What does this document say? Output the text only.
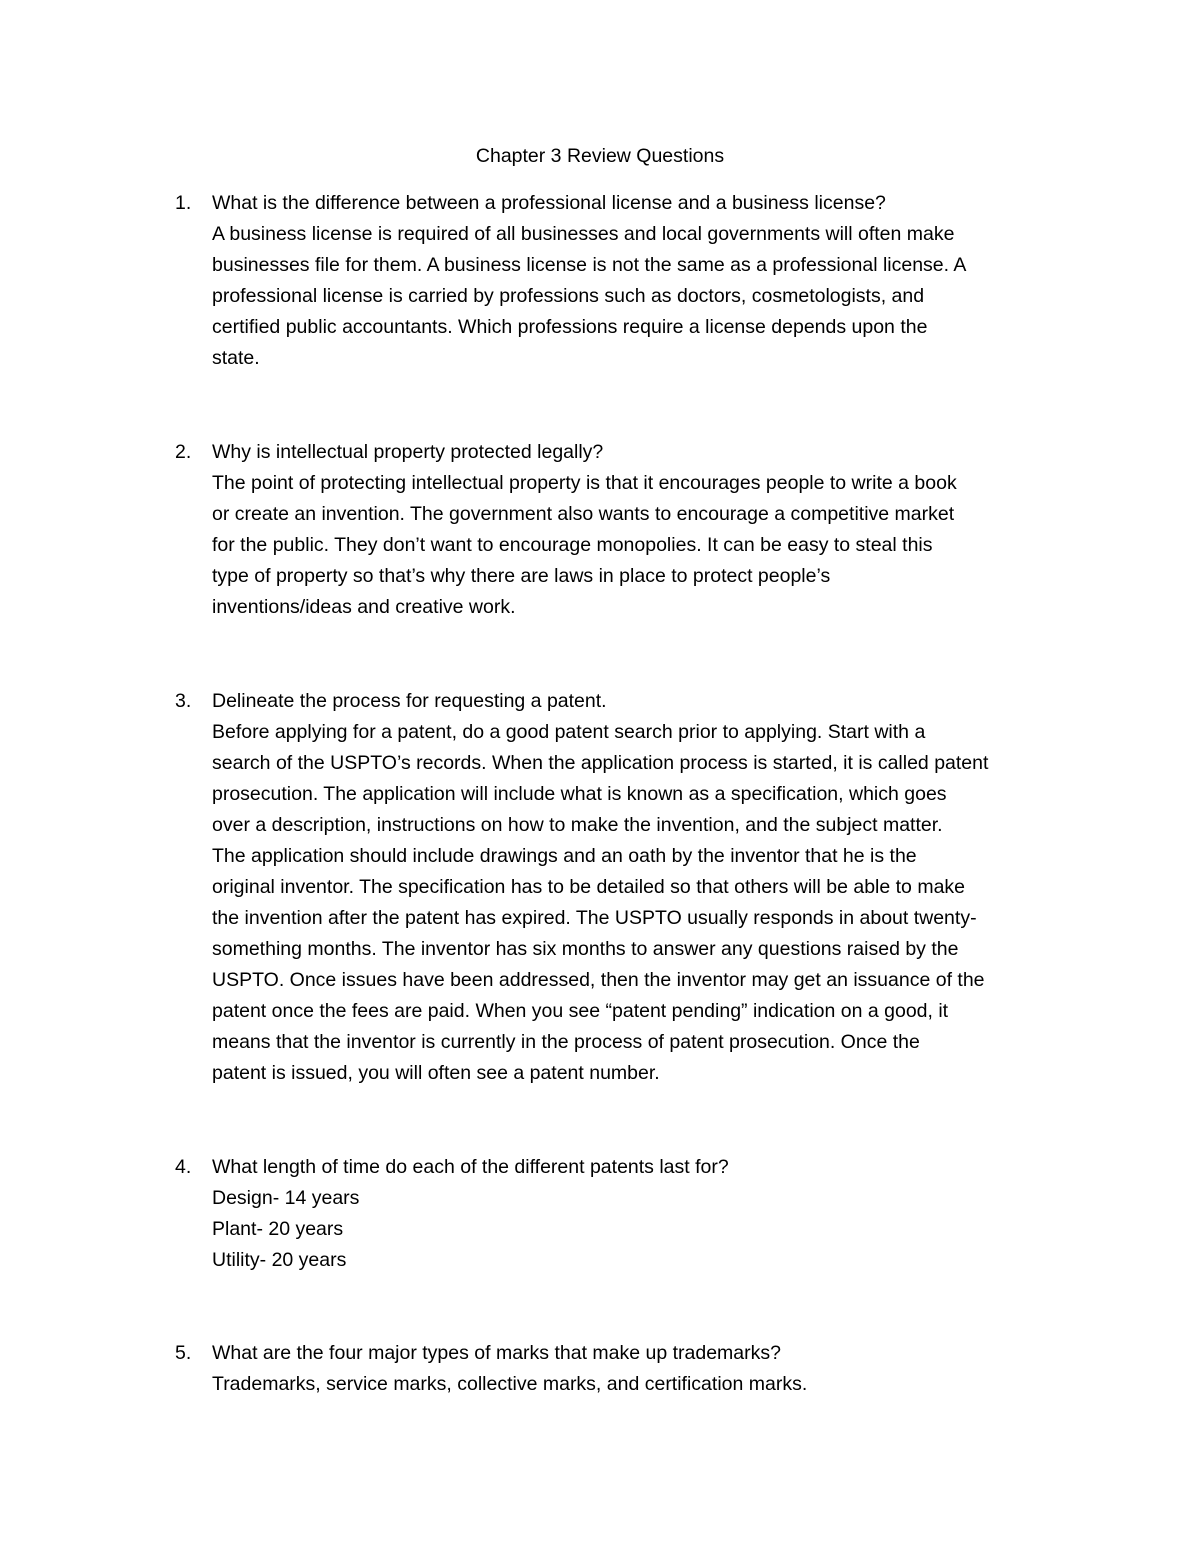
Chapter 3 Review Questions
1.	What is the difference between a professional license and a business license?
A business license is required of all businesses and local governments will often make
businesses file for them. A business license is not the same as a professional license. A
professional license is carried by professions such as doctors, cosmetologists, and
certified public accountants. Which professions require a license depends upon the
state.
2.	Why is intellectual property protected legally?
The point of protecting intellectual property is that it encourages people to write a book
or create an invention. The government also wants to encourage a competitive market
for the public. They don’t want to encourage monopolies. It can be easy to steal this
type of property so that’s why there are laws in place to protect people’s
inventions/ideas and creative work.
3.	Delineate the process for requesting a patent.
Before applying for a patent, do a good patent search prior to applying. Start with a
search of the USPTO’s records. When the application process is started, it is called patent
prosecution. The application will include what is known as a specification, which goes
over a description, instructions on how to make the invention, and the subject matter.
The application should include drawings and an oath by the inventor that he is the
original inventor. The specification has to be detailed so that others will be able to make
the invention after the patent has expired. The USPTO usually responds in about twenty-
something months. The inventor has six months to answer any questions raised by the
USPTO. Once issues have been addressed, then the inventor may get an issuance of the
patent once the fees are paid. When you see “patent pending” indication on a good, it
means that the inventor is currently in the process of patent prosecution. Once the
patent is issued, you will often see a patent number.
4.	What length of time do each of the different patents last for?
Design- 14 years
Plant- 20 years
Utility- 20 years
5.	What are the four major types of marks that make up trademarks?
Trademarks, service marks, collective marks, and certification marks.
